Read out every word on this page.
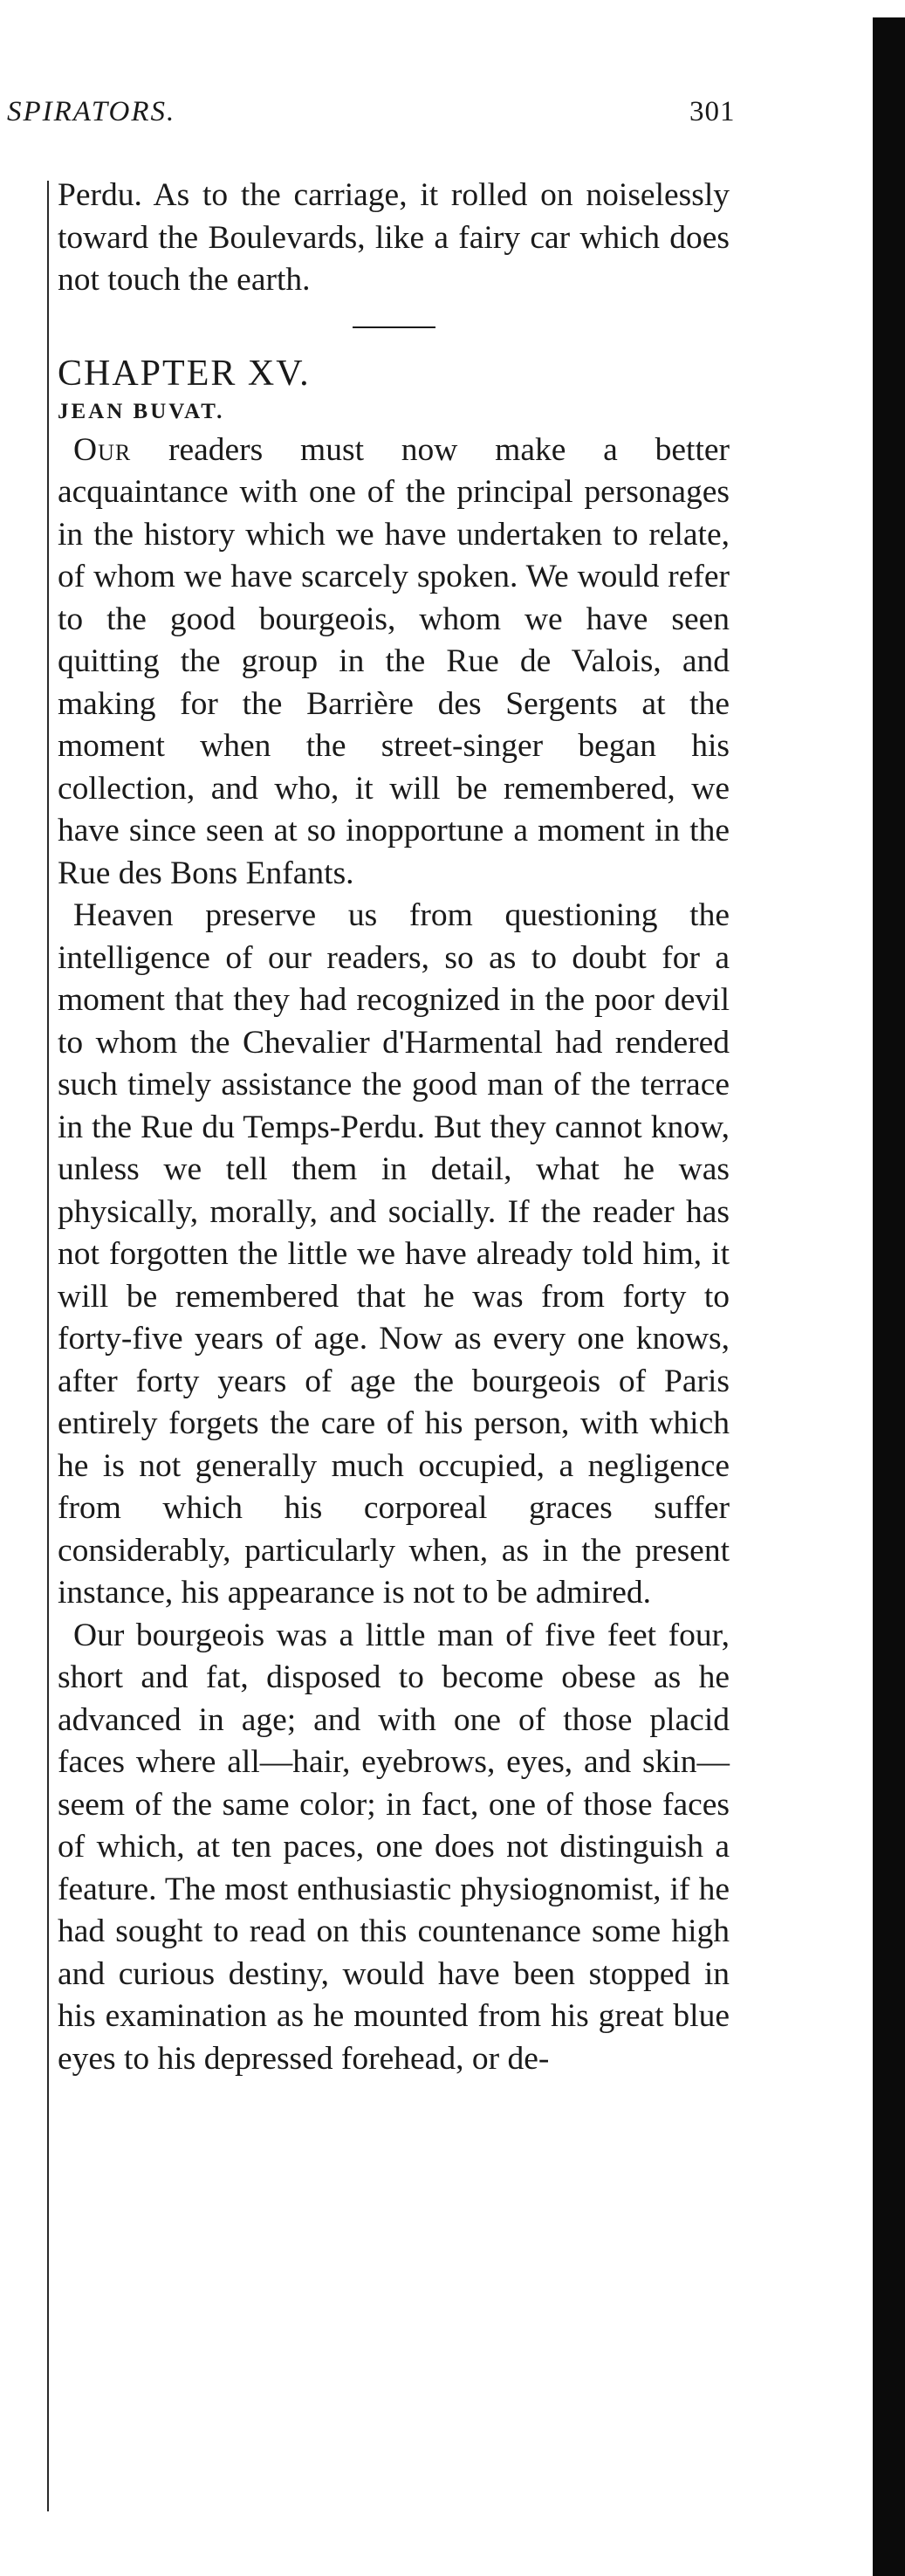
SPIRATORS.	301

Perdu. As to the carriage, it rolled on noiselessly toward the Boulevards, like a fairy car which does not touch the earth.

CHAPTER XV.

JEAN BUVAT.

Our readers must now make a better acquaintance with one of the principal personages in the history which we have undertaken to relate, of whom we have scarcely spoken. We would refer to the good bourgeois, whom we have seen quitting the group in the Rue de Valois, and making for the Barrière des Sergents at the moment when the street-singer began his collection, and who, it will be remembered, we have since seen at so inopportune a moment in the Rue des Bons Enfants.

Heaven preserve us from questioning the intelligence of our readers, so as to doubt for a moment that they had recognized in the poor devil to whom the Chevalier d'Harmental had rendered such timely assistance the good man of the terrace in the Rue du Temps-Perdu. But they cannot know, unless we tell them in detail, what he was physically, morally, and socially. If the reader has not forgotten the little we have already told him, it will be remembered that he was from forty to forty-five years of age. Now as every one knows, after forty years of age the bourgeois of Paris entirely forgets the care of his person, with which he is not generally much occupied, a negligence from which his corporeal graces suffer considerably, particularly when, as in the present instance, his appearance is not to be admired.

Our bourgeois was a little man of five feet four, short and fat, disposed to become obese as he advanced in age; and with one of those placid faces where all—hair, eyebrows, eyes, and skin—seem of the same color; in fact, one of those faces of which, at ten paces, one does not distinguish a feature. The most enthusiastic physiognomist, if he had sought to read on this countenance some high and curious destiny, would have been stopped in his examination as he mounted from his great blue eyes to his depressed forehead, or de-
